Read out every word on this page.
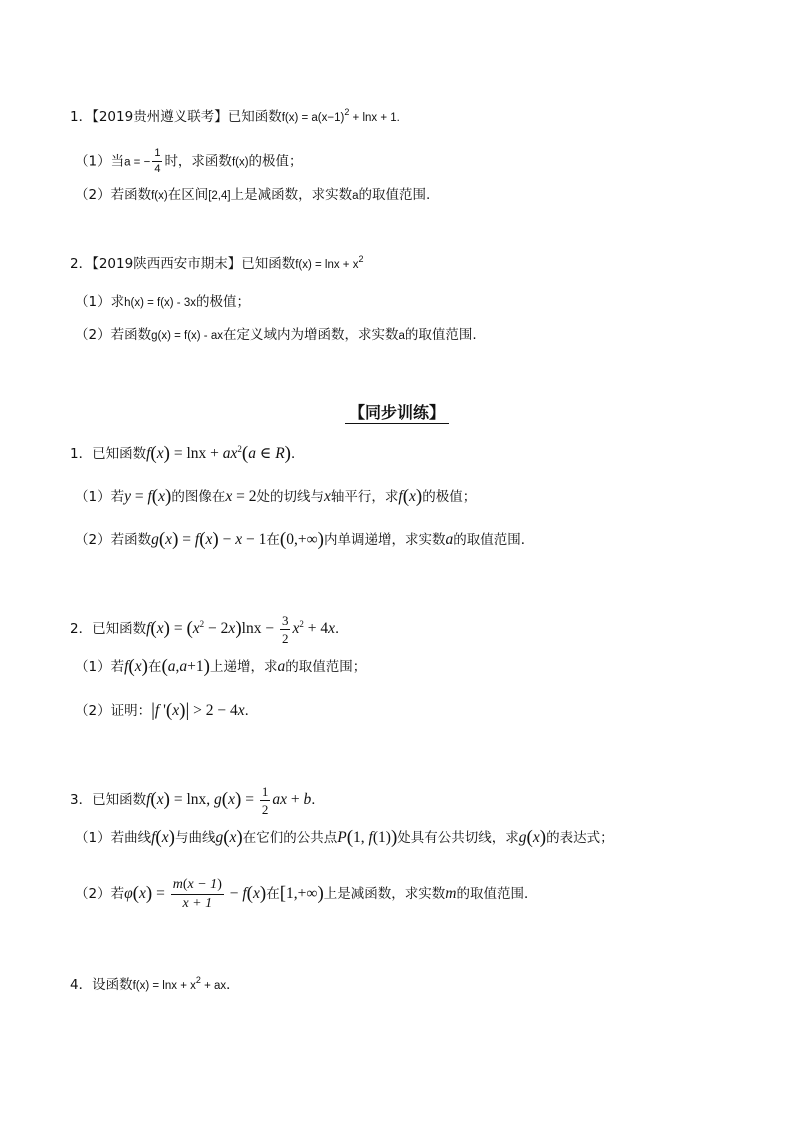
1．【2019贵州遵义联考】已知函数$f(x) = a(x-1)^2 + \ln x + 1$.
（1）当a = − $\frac{1}{4}$ 时，求函数f(x)的极值；
（2）若函数f(x)在区间[2,4]上是减函数，求实数a的取值范围.
2．【2019陕西西安市期末】已知函数$f(x) = \ln x + x^2$
（1）求h(x) = f(x) - 3x的极值；
（2）若函数g(x) = f(x) - ax在定义域内为增函数，求实数a的取值范围.
【同步训练】
1．已知函数$f(x) = \ln x + ax^2(a$ ∈ R)．
（1）若y = f(x)的图像在x = 2处的切线与x轴平行，求f(x)的极值；
（2）若函数g(x) = f(x) − x − 1在(0,+∞)内单调递增，求实数a的取值范围．
2．已知函数$f(x) = (x^2 - 2x)\ln x - \frac{3}{2} x^2 + 4x$．
（1）若f(x)在(a,a+1)上递增，求a的取值范围；
（2）证明：|f '(x)| > 2 − 4x．
3．已知函数f(x) = lnx, $g(x) = \frac{1}{2}$ ax + b．
（1）若曲线f(x)与曲线g(x)在它们的公共点P(1, f(1))处具有公共切线，求g(x)的表达式；
（2）若$\varphi(x) = \frac{m(x - 1)}{x + 1} - f(x)$在[1,+∞)上是减函数，求实数m的取值范围．
4．设函数$f(x) = \ln x + x^2$ + ax．
